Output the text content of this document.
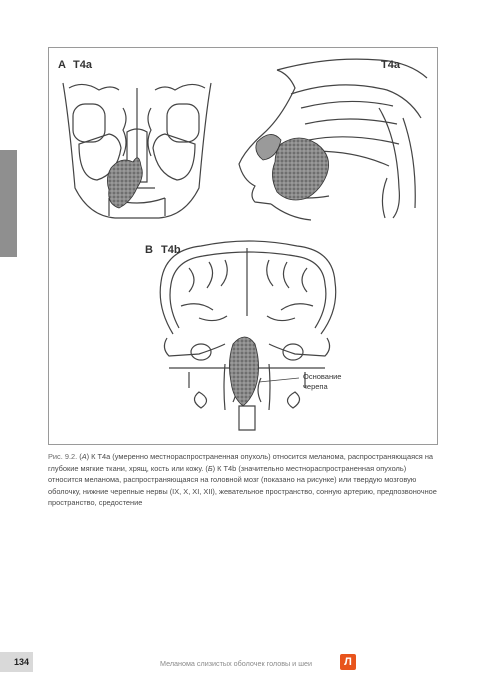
A T4a	T4a
B T4b
Основание
черепа
Рис. 9.2. (А) К T4a (умеренно местнораспространенная опухоль) относится меланома, распространяющаяся на глубокие мягкие ткани, хрящ, кость или кожу. (Б) К T4b (значительно местнораспространенная опухоль) относится меланома, распространяющаяся на головной мозг (показано на рисунке) или твердую мозговую оболочку, нижние черепные нервы (IX, X, XI, XII), жевательное пространство, сонную артерию, предпозвоночное пространство, средостение
134	Меланома слизистых оболочек головы и шеи	Л
